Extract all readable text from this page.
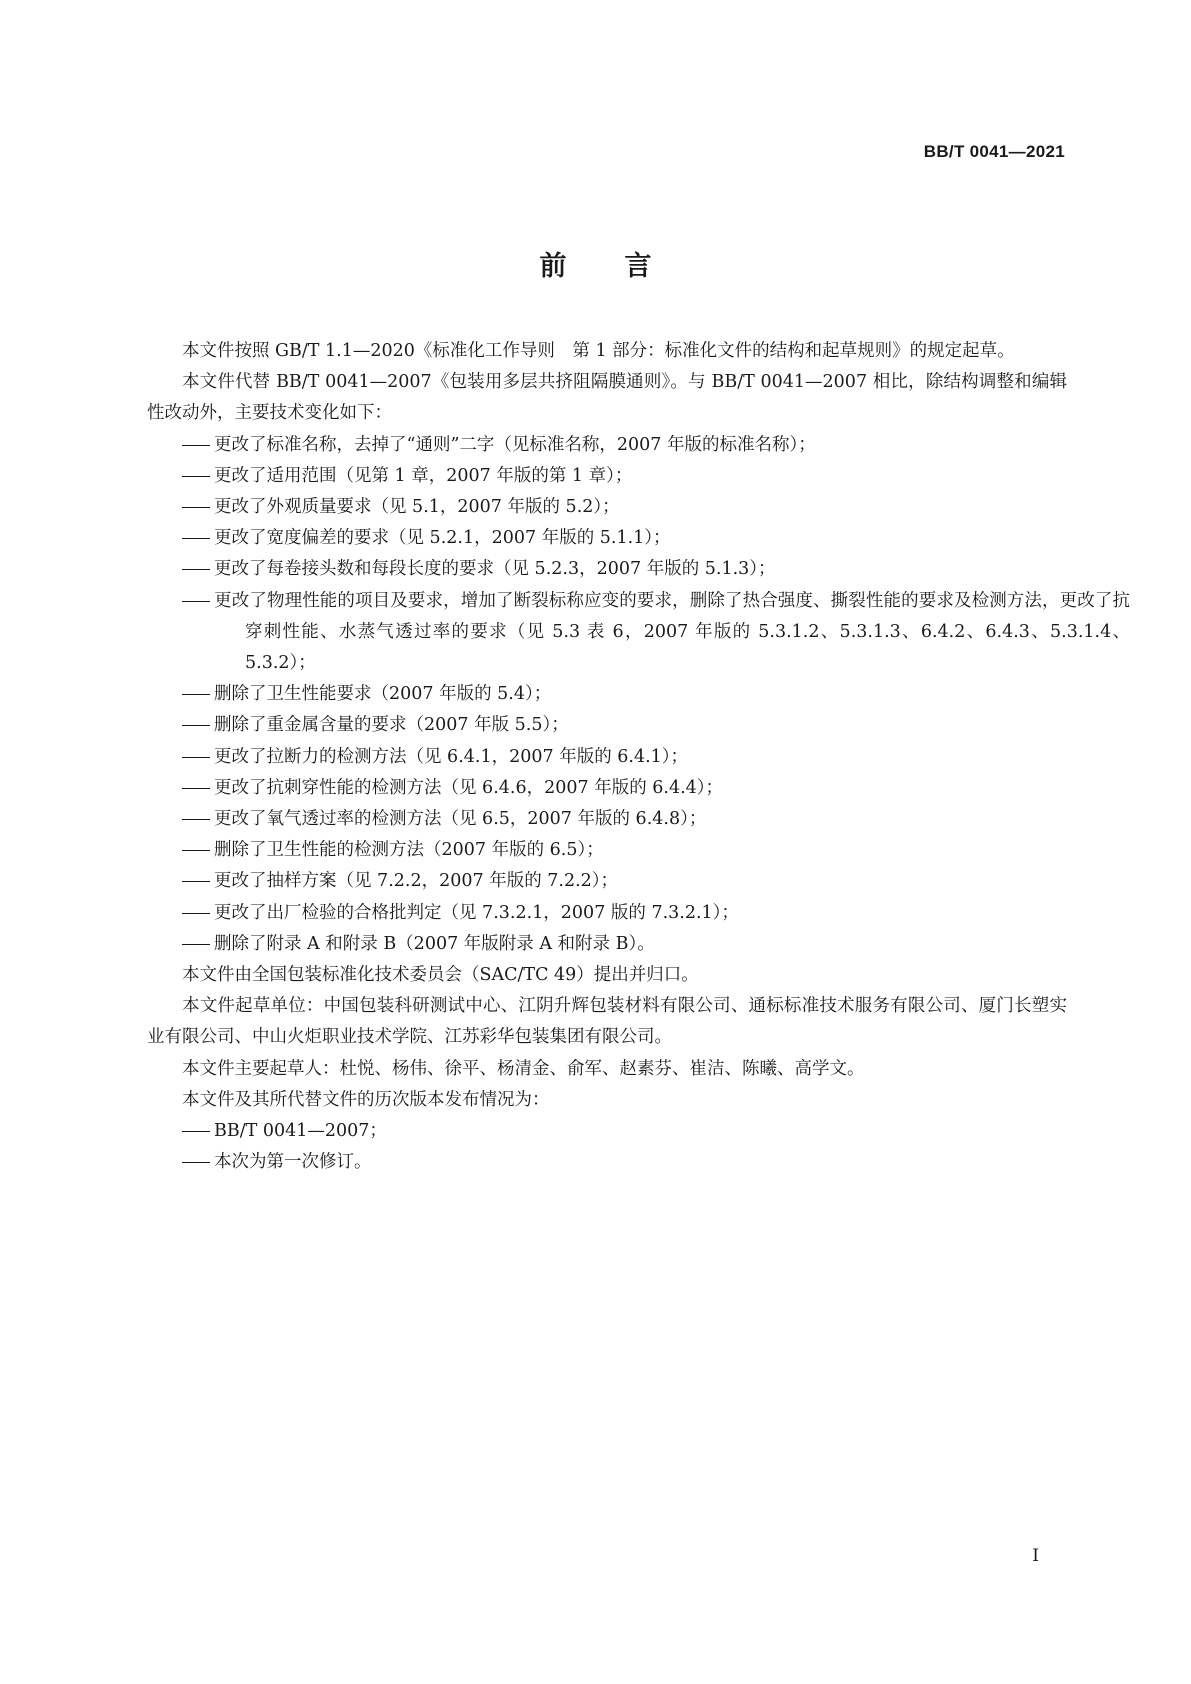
BB/T 0041—2021
前言

本文件按照 GB/T 1.1—2020《标准化工作导则　第 1 部分：标准化文件的结构和起草规则》的规定起草。

本文件代替 BB/T 0041—2007《包装用多层共挤阻隔膜通则》。与 BB/T 0041—2007 相比，除结构调整和编辑性改动外，主要技术变化如下：

更改了标准名称，去掉了“通则”二字（见标准名称，2007 年版的标准名称）；

更改了适用范围（见第 1 章，2007 年版的第 1 章）；

更改了外观质量要求（见 5.1，2007 年版的 5.2）；

更改了宽度偏差的要求（见 5.2.1，2007 年版的 5.1.1）；

更改了每卷接头数和每段长度的要求（见 5.2.3，2007 年版的 5.1.3）；

更改了物理性能的项目及要求，增加了断裂标称应变的要求，删除了热合强度、撕裂性能的要求及检测方法，更改了抗穿刺性能、水蒸气透过率的要求（见 5.3 表 6，2007 年版的 5.3.1.2、5.3.1.3、6.4.2、6.4.3、5.3.1.4、5.3.2）；

删除了卫生性能要求（2007 年版的 5.4）；

删除了重金属含量的要求（2007 年版 5.5）；

更改了拉断力的检测方法（见 6.4.1，2007 年版的 6.4.1）；

更改了抗刺穿性能的检测方法（见 6.4.6，2007 年版的 6.4.4）；

更改了氧气透过率的检测方法（见 6.5，2007 年版的 6.4.8）；

删除了卫生性能的检测方法（2007 年版的 6.5）；

更改了抽样方案（见 7.2.2，2007 年版的 7.2.2）；

更改了出厂检验的合格批判定（见 7.3.2.1，2007 版的 7.3.2.1）；

删除了附录 A 和附录 B（2007 年版附录 A 和附录 B）。

本文件由全国包装标准化技术委员会（SAC/TC 49）提出并归口。

本文件起草单位：中国包装科研测试中心、江阴升辉包装材料有限公司、通标标准技术服务有限公司、厦门长塑实业有限公司、中山火炬职业技术学院、江苏彩华包装集团有限公司。

本文件主要起草人：杜悦、杨伟、徐平、杨清金、俞军、赵素芬、崔洁、陈曦、高学文。

本文件及其所代替文件的历次版本发布情况为：

BB/T 0041—2007；

本次为第一次修订。

I
